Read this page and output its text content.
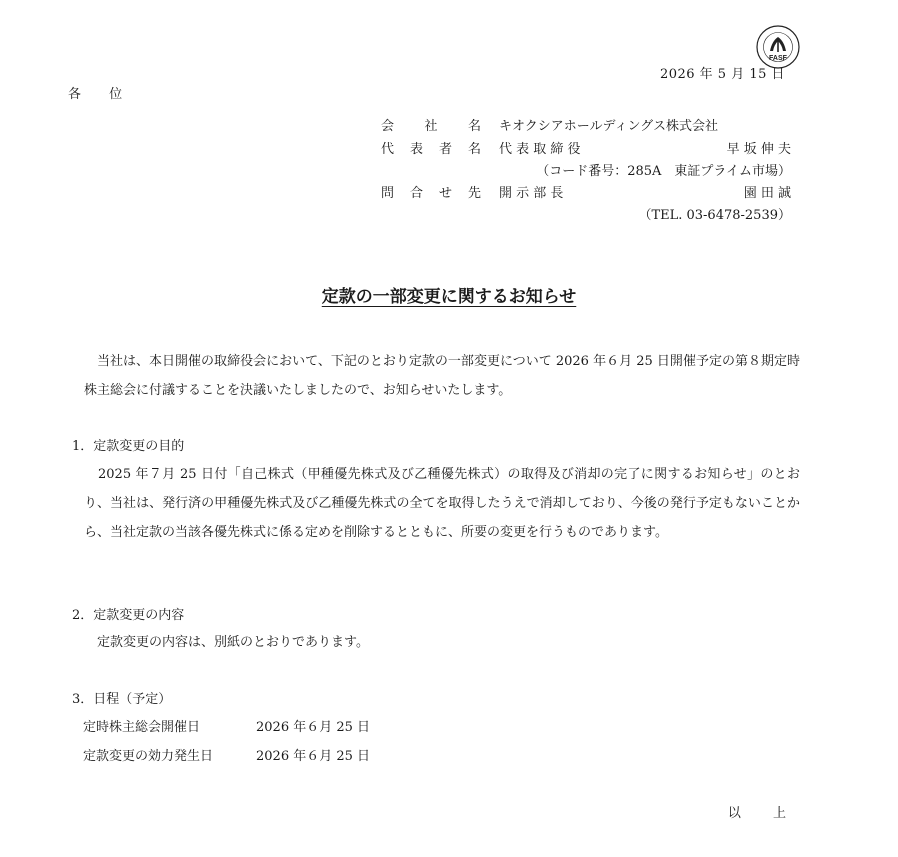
FASF
2026 年 5 月 15 日
各 位
会 社 名 キオクシアホールディングス株式会社
代 表 者 名 代 表 取 締 役	早 坂 伸 夫
（コード番号：285A　東証プライム市場）
問 合 せ 先 開 示 部 長	園 田 誠
（TEL. 03-6478-2539）
定款の一部変更に関するお知らせ
当社は、本日開催の取締役会において、下記のとおり定款の一部変更について 2026 年６月 25 日開催予定の第８期定時株主総会に付議することを決議いたしましたので、お知らせいたします。
1．定款変更の目的
2025 年７月 25 日付「自己株式（甲種優先株式及び乙種優先株式）の取得及び消却の完了に関するお知らせ」のとおり、当社は、発行済の甲種優先株式及び乙種優先株式の全てを取得したうえで消却しており、今後の発行予定もないことから、当社定款の当該各優先株式に係る定めを削除するとともに、所要の変更を行うものであります。
2．定款変更の内容
定款変更の内容は、別紙のとおりであります。
3．日程（予定）
定時株主総会開催日	2026 年６月 25 日
定款変更の効力発生日	2026 年６月 25 日
以 上
